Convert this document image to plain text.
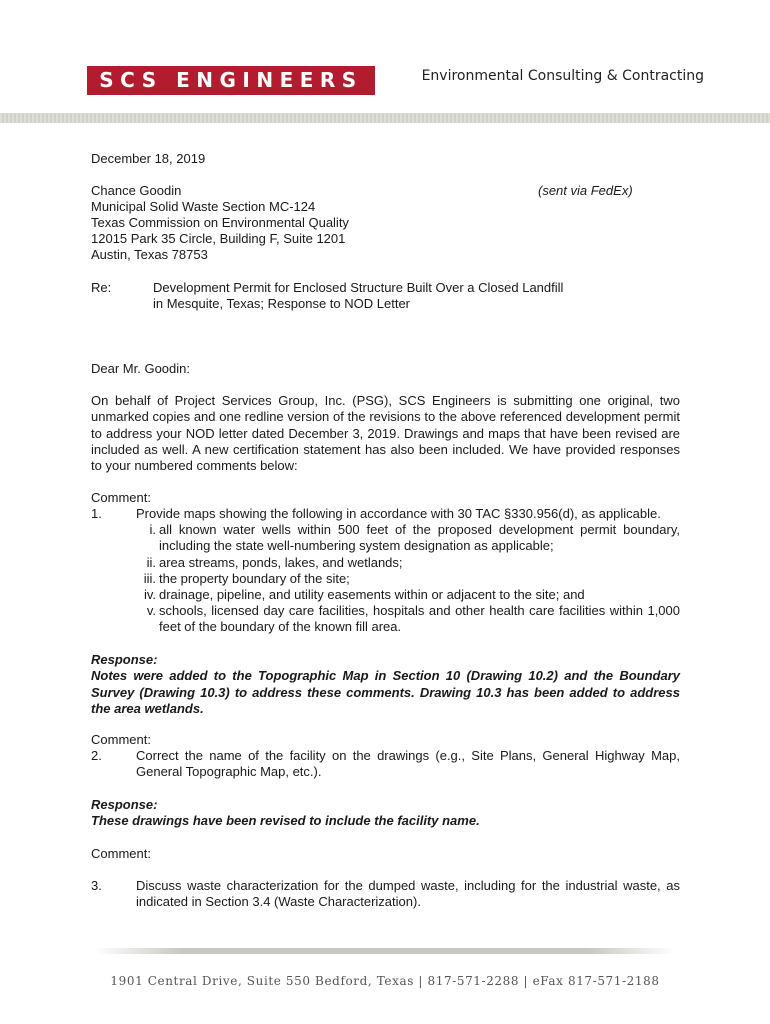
SCS ENGINEERS	Environmental Consulting & Contracting
December 18, 2019
Chance Goodin	(sent via FedEx)
Municipal Solid Waste Section MC-124
Texas Commission on Environmental Quality
12015 Park 35 Circle, Building F, Suite 1201
Austin, Texas 78753
Re:	Development Permit for Enclosed Structure Built Over a Closed Landfill
in Mesquite, Texas; Response to NOD Letter
Dear Mr. Goodin:
On behalf of Project Services Group, Inc. (PSG), SCS Engineers is submitting one original, two unmarked copies and one redline version of the revisions to the above referenced development permit to address your NOD letter dated December 3, 2019. Drawings and maps that have been revised are included as well. A new certification statement has also been included. We have provided responses to your numbered comments below:
Comment:
1.	Provide maps showing the following in accordance with 30 TAC §330.956(d), as applicable.
i. all known water wells within 500 feet of the proposed development permit boundary, including the state well-numbering system designation as applicable;
ii. area streams, ponds, lakes, and wetlands;
iii. the property boundary of the site;
iv. drainage, pipeline, and utility easements within or adjacent to the site; and
v. schools, licensed day care facilities, hospitals and other health care facilities within 1,000 feet of the boundary of the known fill area.
Response:
Notes were added to the Topographic Map in Section 10 (Drawing 10.2) and the Boundary Survey (Drawing 10.3) to address these comments. Drawing 10.3 has been added to address the area wetlands.
Comment:
2.	Correct the name of the facility on the drawings (e.g., Site Plans, General Highway Map, General Topographic Map, etc.).
Response:
These drawings have been revised to include the facility name.
Comment:
3.	Discuss waste characterization for the dumped waste, including for the industrial waste, as indicated in Section 3.4 (Waste Characterization).
1901 Central Drive, Suite 550 Bedford, Texas | 817-571-2288 | eFax 817-571-2188
